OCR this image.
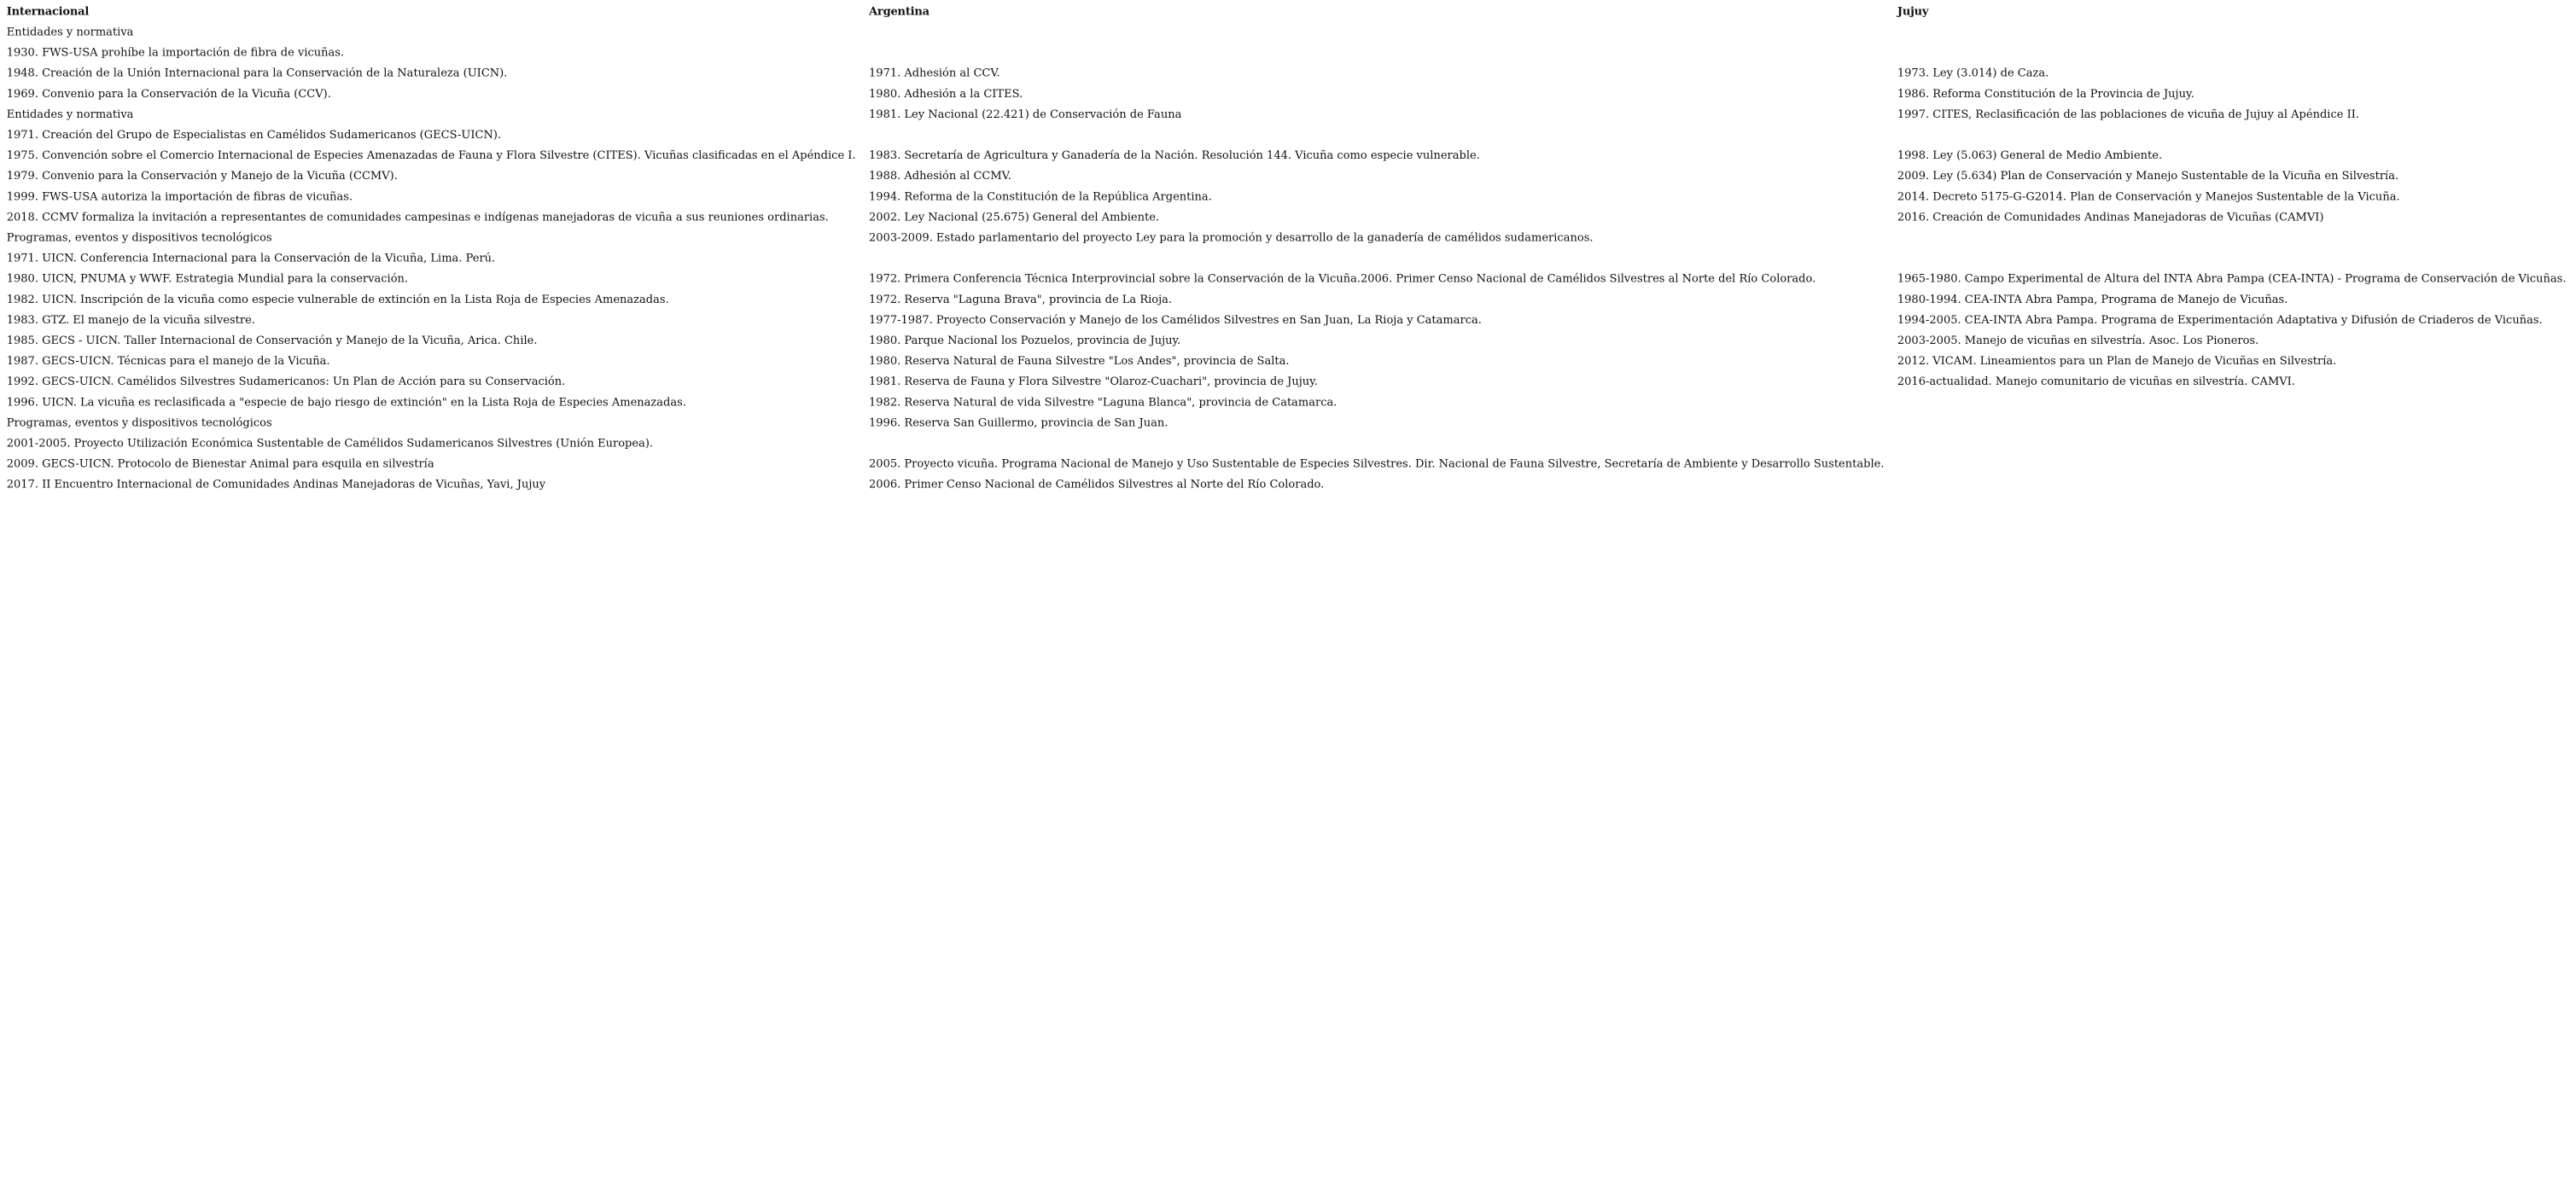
Internacional	Argentina	Jujuy
Entidades y normativa		
1930. FWS-USA prohíbe la importación de fibra de vicuñas.		
1948. Creación de la Unión Internacional para la Conservación de la Naturaleza (UICN).	1971. Adhesión al CCV.	1973. Ley (3.014) de Caza.
1969. Convenio para la Conservación de la Vicuña (CCV).	1980. Adhesión a la CITES.	1986. Reforma Constitución de la Provincia de Jujuy.
Entidades y normativa	1981. Ley Nacional (22.421) de Conservación de Fauna	1997. CITES, Reclasificación de las poblaciones de vicuña de Jujuy al Apéndice II.
1971. Creación del Grupo de Especialistas en Camélidos Sudamericanos (GECS-UICN).		
1975. Convención sobre el Comercio Internacional de Especies Amenazadas de Fauna y Flora Silvestre (CITES). Vicuñas clasificadas en el Apéndice I.	1983. Secretaría de Agricultura y Ganadería de la Nación. Resolución 144. Vicuña como especie vulnerable.	1998. Ley (5.063) General de Medio Ambiente.
1979. Convenio para la Conservación y Manejo de la Vicuña (CCMV).	1988. Adhesión al CCMV.	2009. Ley (5.634) Plan de Conservación y Manejo Sustentable de la Vicuña en Silvestría.
1999. FWS-USA autoriza la importación de fibras de vicuñas.	1994. Reforma de la Constitución de la República Argentina.	2014. Decreto 5175-G-G2014. Plan de Conservación y Manejos Sustentable de la Vicuña.
2018. CCMV formaliza la invitación a representantes de comunidades campesinas e indígenas manejadoras de vicuña a sus reuniones ordinarias.	2002. Ley Nacional (25.675) General del Ambiente.	2016. Creación de Comunidades Andinas Manejadoras de Vicuñas (CAMVI)
Programas, eventos y dispositivos tecnológicos	2003-2009. Estado parlamentario del proyecto Ley para la promoción y desarrollo de la ganadería de camélidos sudamericanos.	
1971. UICN. Conferencia Internacional para la Conservación de la Vicuña, Lima. Perú.		
1980. UICN, PNUMA y WWF. Estrategia Mundial para la conservación.	1972. Primera Conferencia Técnica Interprovincial sobre la Conservación de la Vicuña.2006. Primer Censo Nacional de Camélidos Silvestres al Norte del Río Colorado.	1965-1980. Campo Experimental de Altura del INTA Abra Pampa (CEA-INTA) - Programa de Conservación de Vicuñas.
1982. UICN. Inscripción de la vicuña como especie vulnerable de extinción en la Lista Roja de Especies Amenazadas.	1972. Reserva "Laguna Brava", provincia de La Rioja.	1980-1994. CEA-INTA Abra Pampa, Programa de Manejo de Vicuñas.
1983. GTZ. El manejo de la vicuña silvestre.	1977-1987. Proyecto Conservación y Manejo de los Camélidos Silvestres en San Juan, La Rioja y Catamarca.	1994-2005. CEA-INTA Abra Pampa. Programa de Experimentación Adaptativa y Difusión de Criaderos de Vicuñas.
1985. GECS - UICN. Taller Internacional de Conservación y Manejo de la Vicuña, Arica. Chile.	1980. Parque Nacional los Pozuelos, provincia de Jujuy.	2003-2005. Manejo de vicuñas en silvestría. Asoc. Los Pioneros.
1987. GECS-UICN. Técnicas para el manejo de la Vicuña.	1980. Reserva Natural de Fauna Silvestre "Los Andes", provincia de Salta.	2012. VICAM. Lineamientos para un Plan de Manejo de Vicuñas en Silvestría.
1992. GECS-UICN. Camélidos Silvestres Sudamericanos: Un Plan de Acción para su Conservación.	1981. Reserva de Fauna y Flora Silvestre "Olaroz-Cuachari", provincia de Jujuy.	2016-actualidad. Manejo comunitario de vicuñas en silvestría. CAMVI.
1996. UICN. La vicuña es reclasificada a "especie de bajo riesgo de extinción" en la Lista Roja de Especies Amenazadas.	1982. Reserva Natural de vida Silvestre "Laguna Blanca", provincia de Catamarca.	
Programas, eventos y dispositivos tecnológicos	1996. Reserva San Guillermo, provincia de San Juan.	
2001-2005. Proyecto Utilización Económica Sustentable de Camélidos Sudamericanos Silvestres (Unión Europea).		
2009. GECS-UICN. Protocolo de Bienestar Animal para esquila en silvestría	2005. Proyecto vicuña. Programa Nacional de Manejo y Uso Sustentable de Especies Silvestres. Dir. Nacional de Fauna Silvestre, Secretaría de Ambiente y Desarrollo Sustentable.	
2017. II Encuentro Internacional de Comunidades Andinas Manejadoras de Vicuñas, Yavi, Jujuy	2006. Primer Censo Nacional de Camélidos Silvestres al Norte del Río Colorado.	
